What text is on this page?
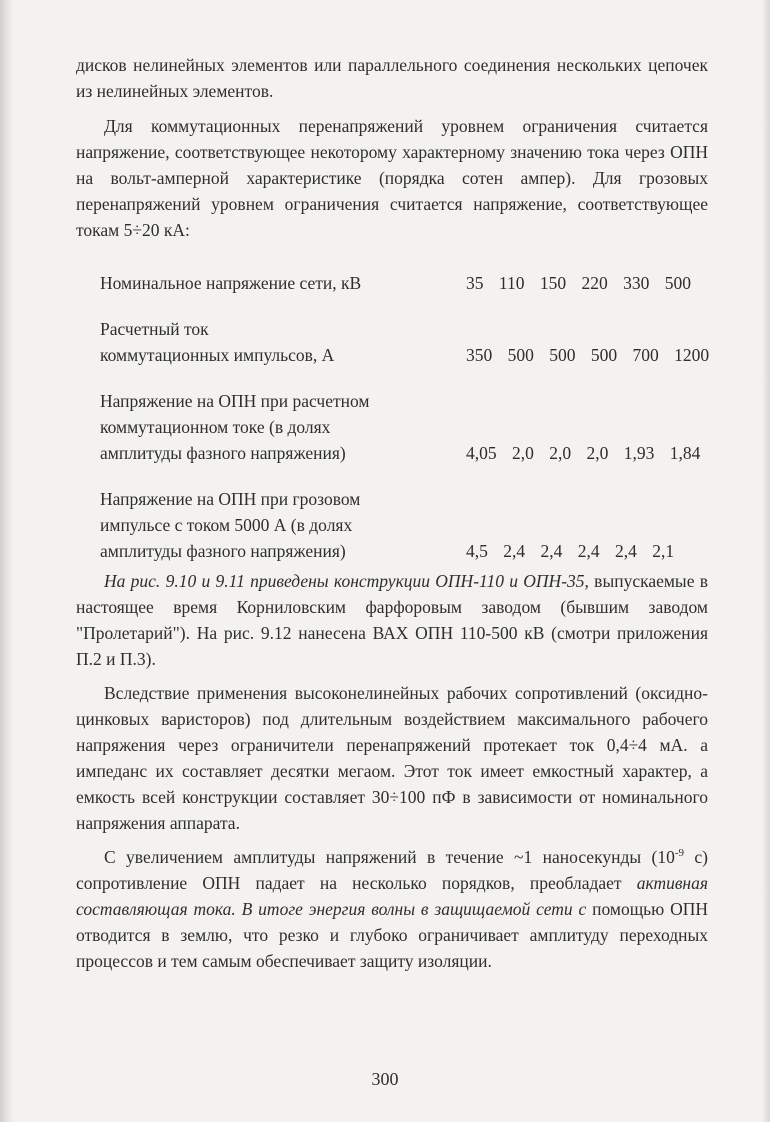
дисков нелинейных элементов или параллельного соединения нескольких цепочек из нелинейных элементов.

Для коммутационных перенапряжений уровнем ограничения считается напряжение, соответствующее некоторому характерному значению тока через ОПН на вольт-амперной характеристике (порядка сотен ампер). Для грозовых перенапряжений уровнем ограничения считается напряжение, соответствующее токам 5÷20 кА:

Номинальное напряжение сети, кВ	35 110 150 220 330 500
Расчетный ток
коммутационных импульсов, А	350 500 500 500 700 1200
Напряжение на ОПН при расчетном
коммутационном токе (в долях
амплитуды фазного напряжения)	4,05 2,0 2,0 2,0 1,93 1,84
Напряжение на ОПН при грозовом
импульсе с током 5000 А (в долях
амплитуды фазного напряжения)	4,5 2,4 2,4 2,4 2,4 2,1

На рис. 9.10 и 9.11 приведены конструкции ОПН-110 и ОПН-35, выпускаемые в настоящее время Корниловским фарфоровым заводом (бывшим заводом "Пролетарий"). На рис. 9.12 нанесена ВАХ ОПН 110-500 кВ (смотри приложения П.2 и П.3).

Вследствие применения высоконелинейных рабочих сопротивлений (оксидно-цинковых варисторов) под длительным воздействием максимального рабочего напряжения через ограничители перенапряжений протекает ток 0,4÷4 мА. а импеданс их составляет десятки мегаом. Этот ток имеет емкостный характер, а емкость всей конструкции составляет 30÷100 пФ в зависимости от номинального напряжения аппарата.

С увеличением амплитуды напряжений в течение ~1 наносекунды ($10^{-9}$ с) сопротивление ОПН падает на несколько порядков, преобладает активная составляющая тока. В итоге энергия волны в защищаемой сети с помощью ОПН отводится в землю, что резко и глубоко ограничивает амплитуду переходных процессов и тем самым обеспечивает защиту изоляции.

300
